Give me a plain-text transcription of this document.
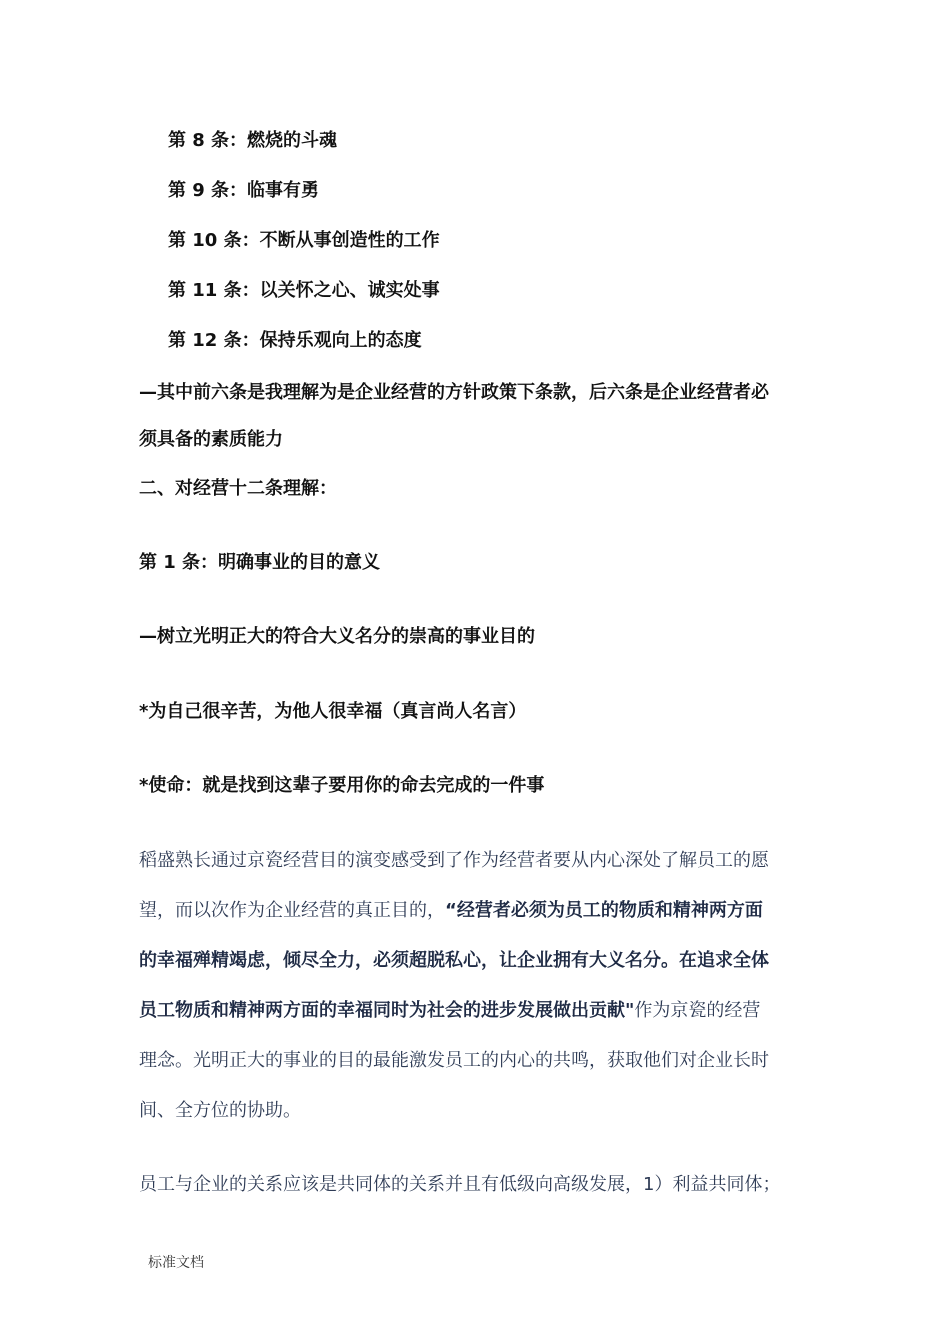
第 8 条：燃烧的斗魂
第 9 条：临事有勇
第 10 条：不断从事创造性的工作
第 11 条：以关怀之心、诚实处事
第 12 条：保持乐观向上的态度
—其中前六条是我理解为是企业经营的方针政策下条款，后六条是企业经营者必
须具备的素质能力
二、对经营十二条理解：
第 1 条：明确事业的目的意义
—树立光明正大的符合大义名分的崇高的事业目的
*为自己很辛苦，为他人很幸福（真言尚人名言）
*使命：就是找到这辈子要用你的命去完成的一件事
稻盛熟长通过京瓷经营目的演变感受到了作为经营者要从内心深处了解员工的愿
望，而以次作为企业经营的真正目的，“经营者必须为员工的物质和精神两方面
的幸福殚精竭虑，倾尽全力，必须超脱私心，让企业拥有大义名分。在追求全体
员工物质和精神两方面的幸福同时为社会的进步发展做出贡献"作为京瓷的经营
理念。光明正大的事业的目的最能激发员工的内心的共鸣，获取他们对企业长时
间、全方位的协助。
员工与企业的关系应该是共同体的关系并且有低级向高级发展，1）利益共同体；
标准文档
